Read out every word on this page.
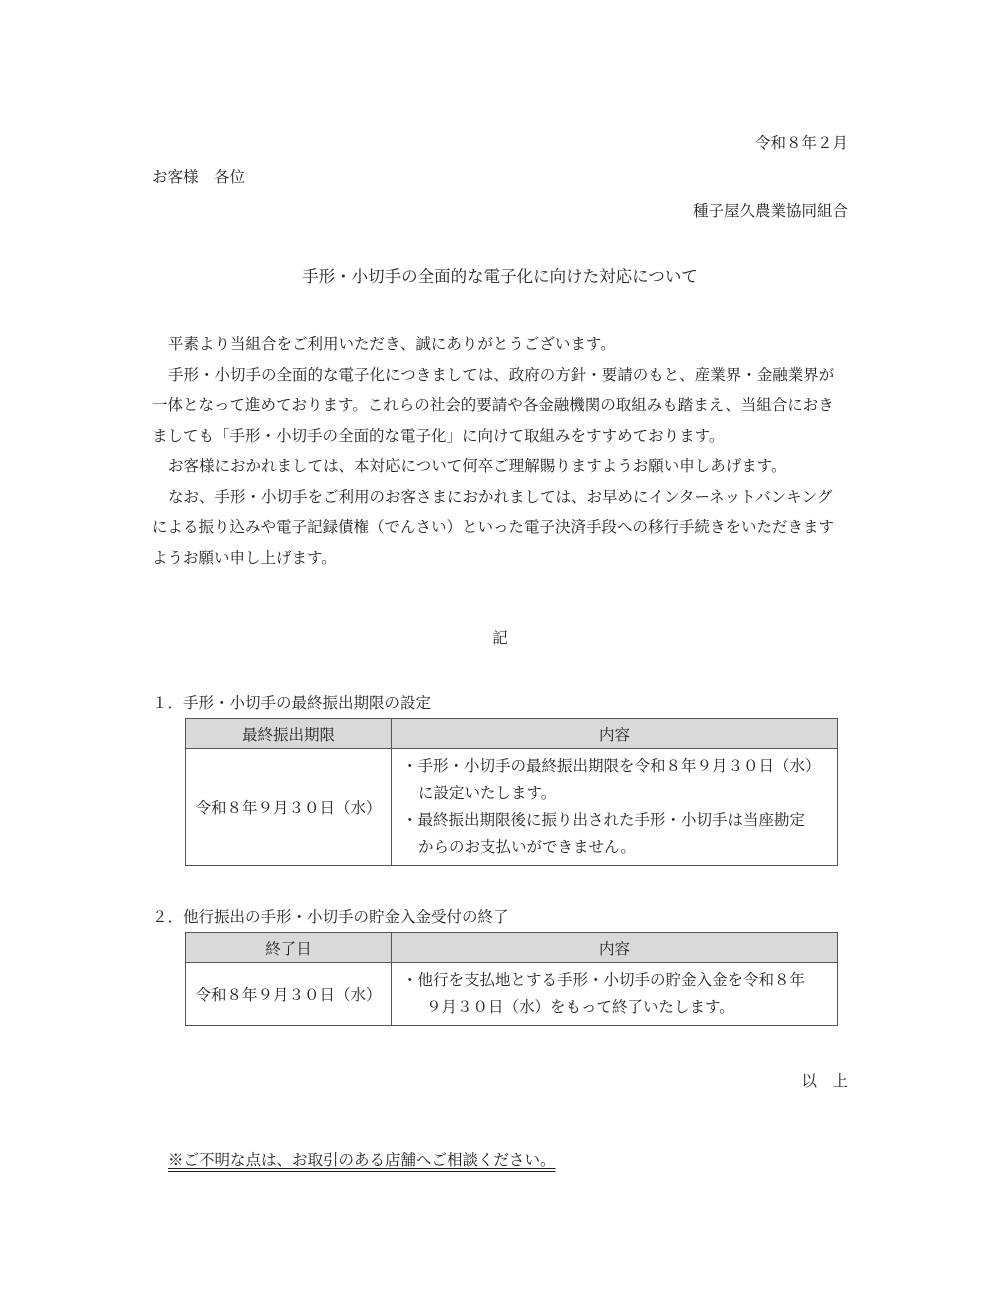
令和８年２月
お客様　各位
種子屋久農業協同組合
手形・小切手の全面的な電子化に向けた対応について
平素より当組合をご利用いただき、誠にありがとうございます。
手形・小切手の全面的な電子化につきましては、政府の方針・要請のもと、産業界・金融業界が
一体となって進めております。これらの社会的要請や各金融機関の取組みも踏まえ、当組合におき
ましても「手形・小切手の全面的な電子化」に向けて取組みをすすめております。
お客様におかれましては、本対応について何卒ご理解賜りますようお願い申しあげます。
なお、手形・小切手をご利用のお客さまにおかれましては、お早めにインターネットバンキング
による振り込みや電子記録債権（でんさい）といった電子決済手段への移行手続きをいただきます
ようお願い申し上げます。
記
１．手形・小切手の最終振出期限の設定
最終振出期限	内容
令和８年９月３０日（水）	・手形・小切手の最終振出期限を令和８年９月３０日（水）
に設定いたします。
・最終振出期限後に振り出された手形・小切手は当座勘定
からのお支払いができません。
２．他行振出の手形・小切手の貯金入金受付の終了
終了日	内容
令和８年９月３０日（水）	・他行を支払地とする手形・小切手の貯金入金を令和８年
９月３０日（水）をもって終了いたします。
以　上
※ご不明な点は、お取引のある店舗へご相談ください。
